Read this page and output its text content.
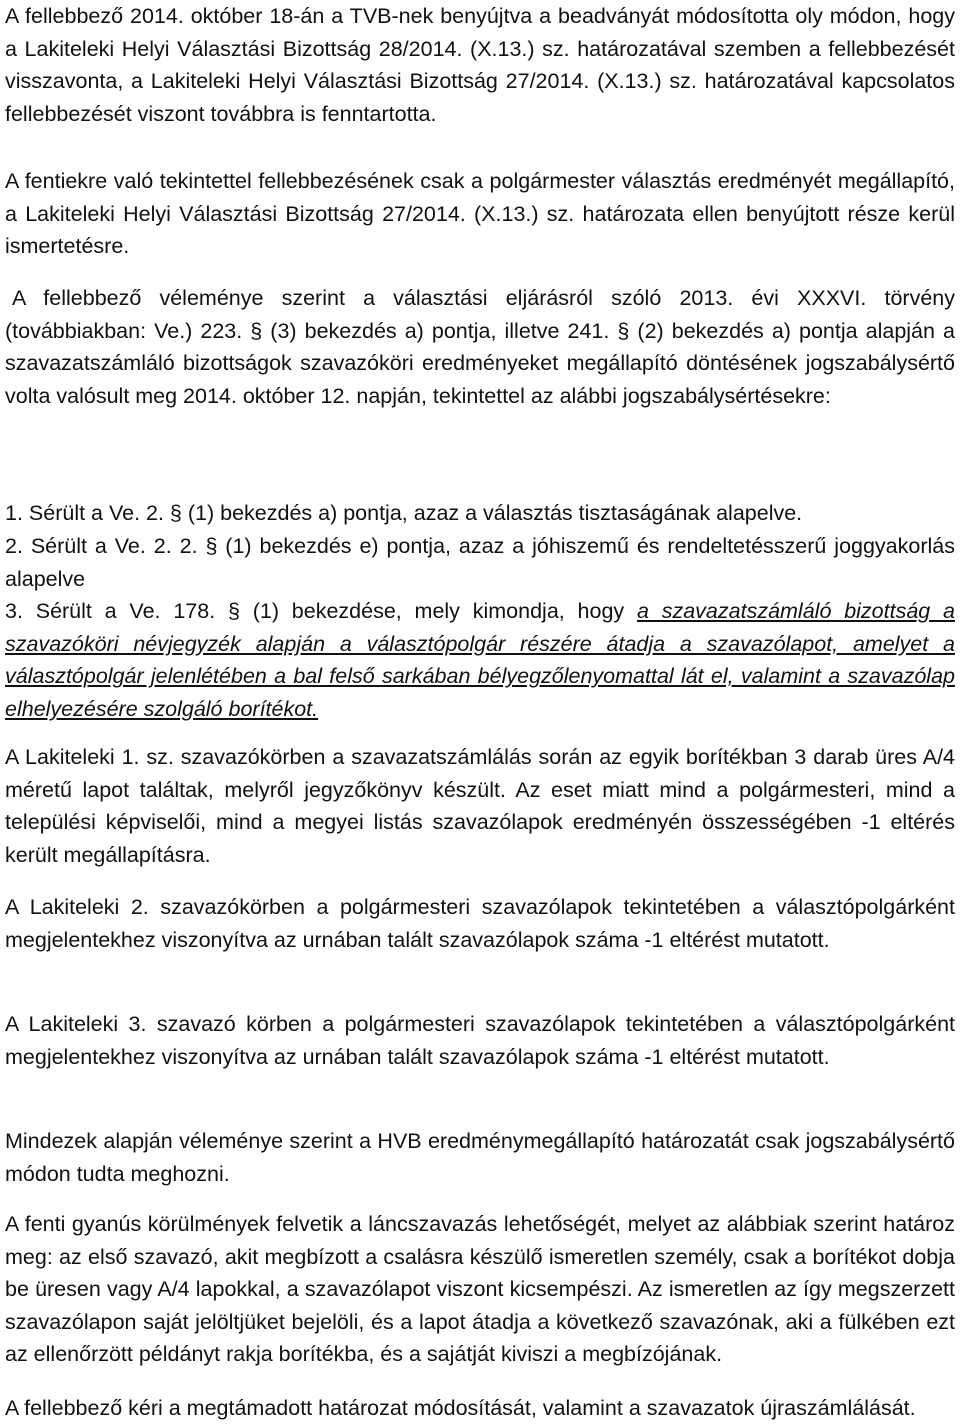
A fellebbező 2014. október 18-án a TVB-nek benyújtva a beadványát módosította oly módon, hogy a Lakiteleki Helyi Választási Bizottság 28/2014. (X.13.) sz. határozatával szemben a fellebbezését visszavonta, a Lakiteleki Helyi Választási Bizottság 27/2014. (X.13.) sz. határozatával kapcsolatos fellebbezését viszont továbbra is fenntartotta.

A fentiekre való tekintettel fellebbezésének csak a polgármester választás eredményét megállapító, a Lakiteleki Helyi Választási Bizottság 27/2014. (X.13.) sz. határozata ellen benyújtott része kerül ismertetésre.

A fellebbező véleménye szerint a választási eljárásról szóló 2013. évi XXXVI. törvény (továbbiakban: Ve.) 223. § (3) bekezdés a) pontja, illetve 241. § (2) bekezdés a) pontja alapján a szavazatszámláló bizottságok szavazóköri eredményeket megállapító döntésének jogszabálysértő volta valósult meg 2014. október 12. napján, tekintettel az alábbi jogszabálysértésekre:

1. Sérült a Ve. 2. § (1) bekezdés a) pontja, azaz a választás tisztaságának alapelve.

2. Sérült a Ve. 2. 2. § (1) bekezdés e) pontja, azaz a jóhiszemű és rendeltetésszerű joggyakorlás alapelve

3. Sérült a Ve. 178. § (1) bekezdése, mely kimondja, hogy a szavazatszámláló bizottság a szavazóköri névjegyzék alapján a választópolgár részére átadja a szavazólapot, amelyet a választópolgár jelenlétében a bal felső sarkában bélyegzőlenyomattal lát el, valamint a szavazólap elhelyezésére szolgáló borítékot.

A Lakiteleki 1. sz. szavazókörben a szavazatszámlálás során az egyik borítékban 3 darab üres A/4 méretű lapot találtak, melyről jegyzőkönyv készült. Az eset miatt mind a polgármesteri, mind a települési képviselői, mind a megyei listás szavazólapok eredményén összességében -1 eltérés került megállapításra.

A Lakiteleki 2. szavazókörben a polgármesteri szavazólapok tekintetében a választópolgárként megjelentekhez viszonyítva az urnában talált szavazólapok száma -1 eltérést mutatott.

A Lakiteleki 3. szavazó körben a polgármesteri szavazólapok tekintetében a választópolgárként megjelentekhez viszonyítva az urnában talált szavazólapok száma -1 eltérést mutatott.

Mindezek alapján véleménye szerint a HVB eredménymegállapító határozatát csak jogszabálysértő módon tudta meghozni.

A fenti gyanús körülmények felvetik a láncszavazás lehetőségét, melyet az alábbiak szerint határoz meg: az első szavazó, akit megbízott a csalásra készülő ismeretlen személy, csak a borítékot dobja be üresen vagy A/4 lapokkal, a szavazólapot viszont kicsempészi. Az ismeretlen az így megszerzett szavazólapon saját jelöltjüket bejelöli, és a lapot átadja a következő szavazónak, aki a fülkében ezt az ellenőrzött példányt rakja borítékba, és a sajátját kiviszi a megbízójának.

A fellebbező kéri a megtámadott határozat módosítását, valamint a szavazatok újraszámlálását.
